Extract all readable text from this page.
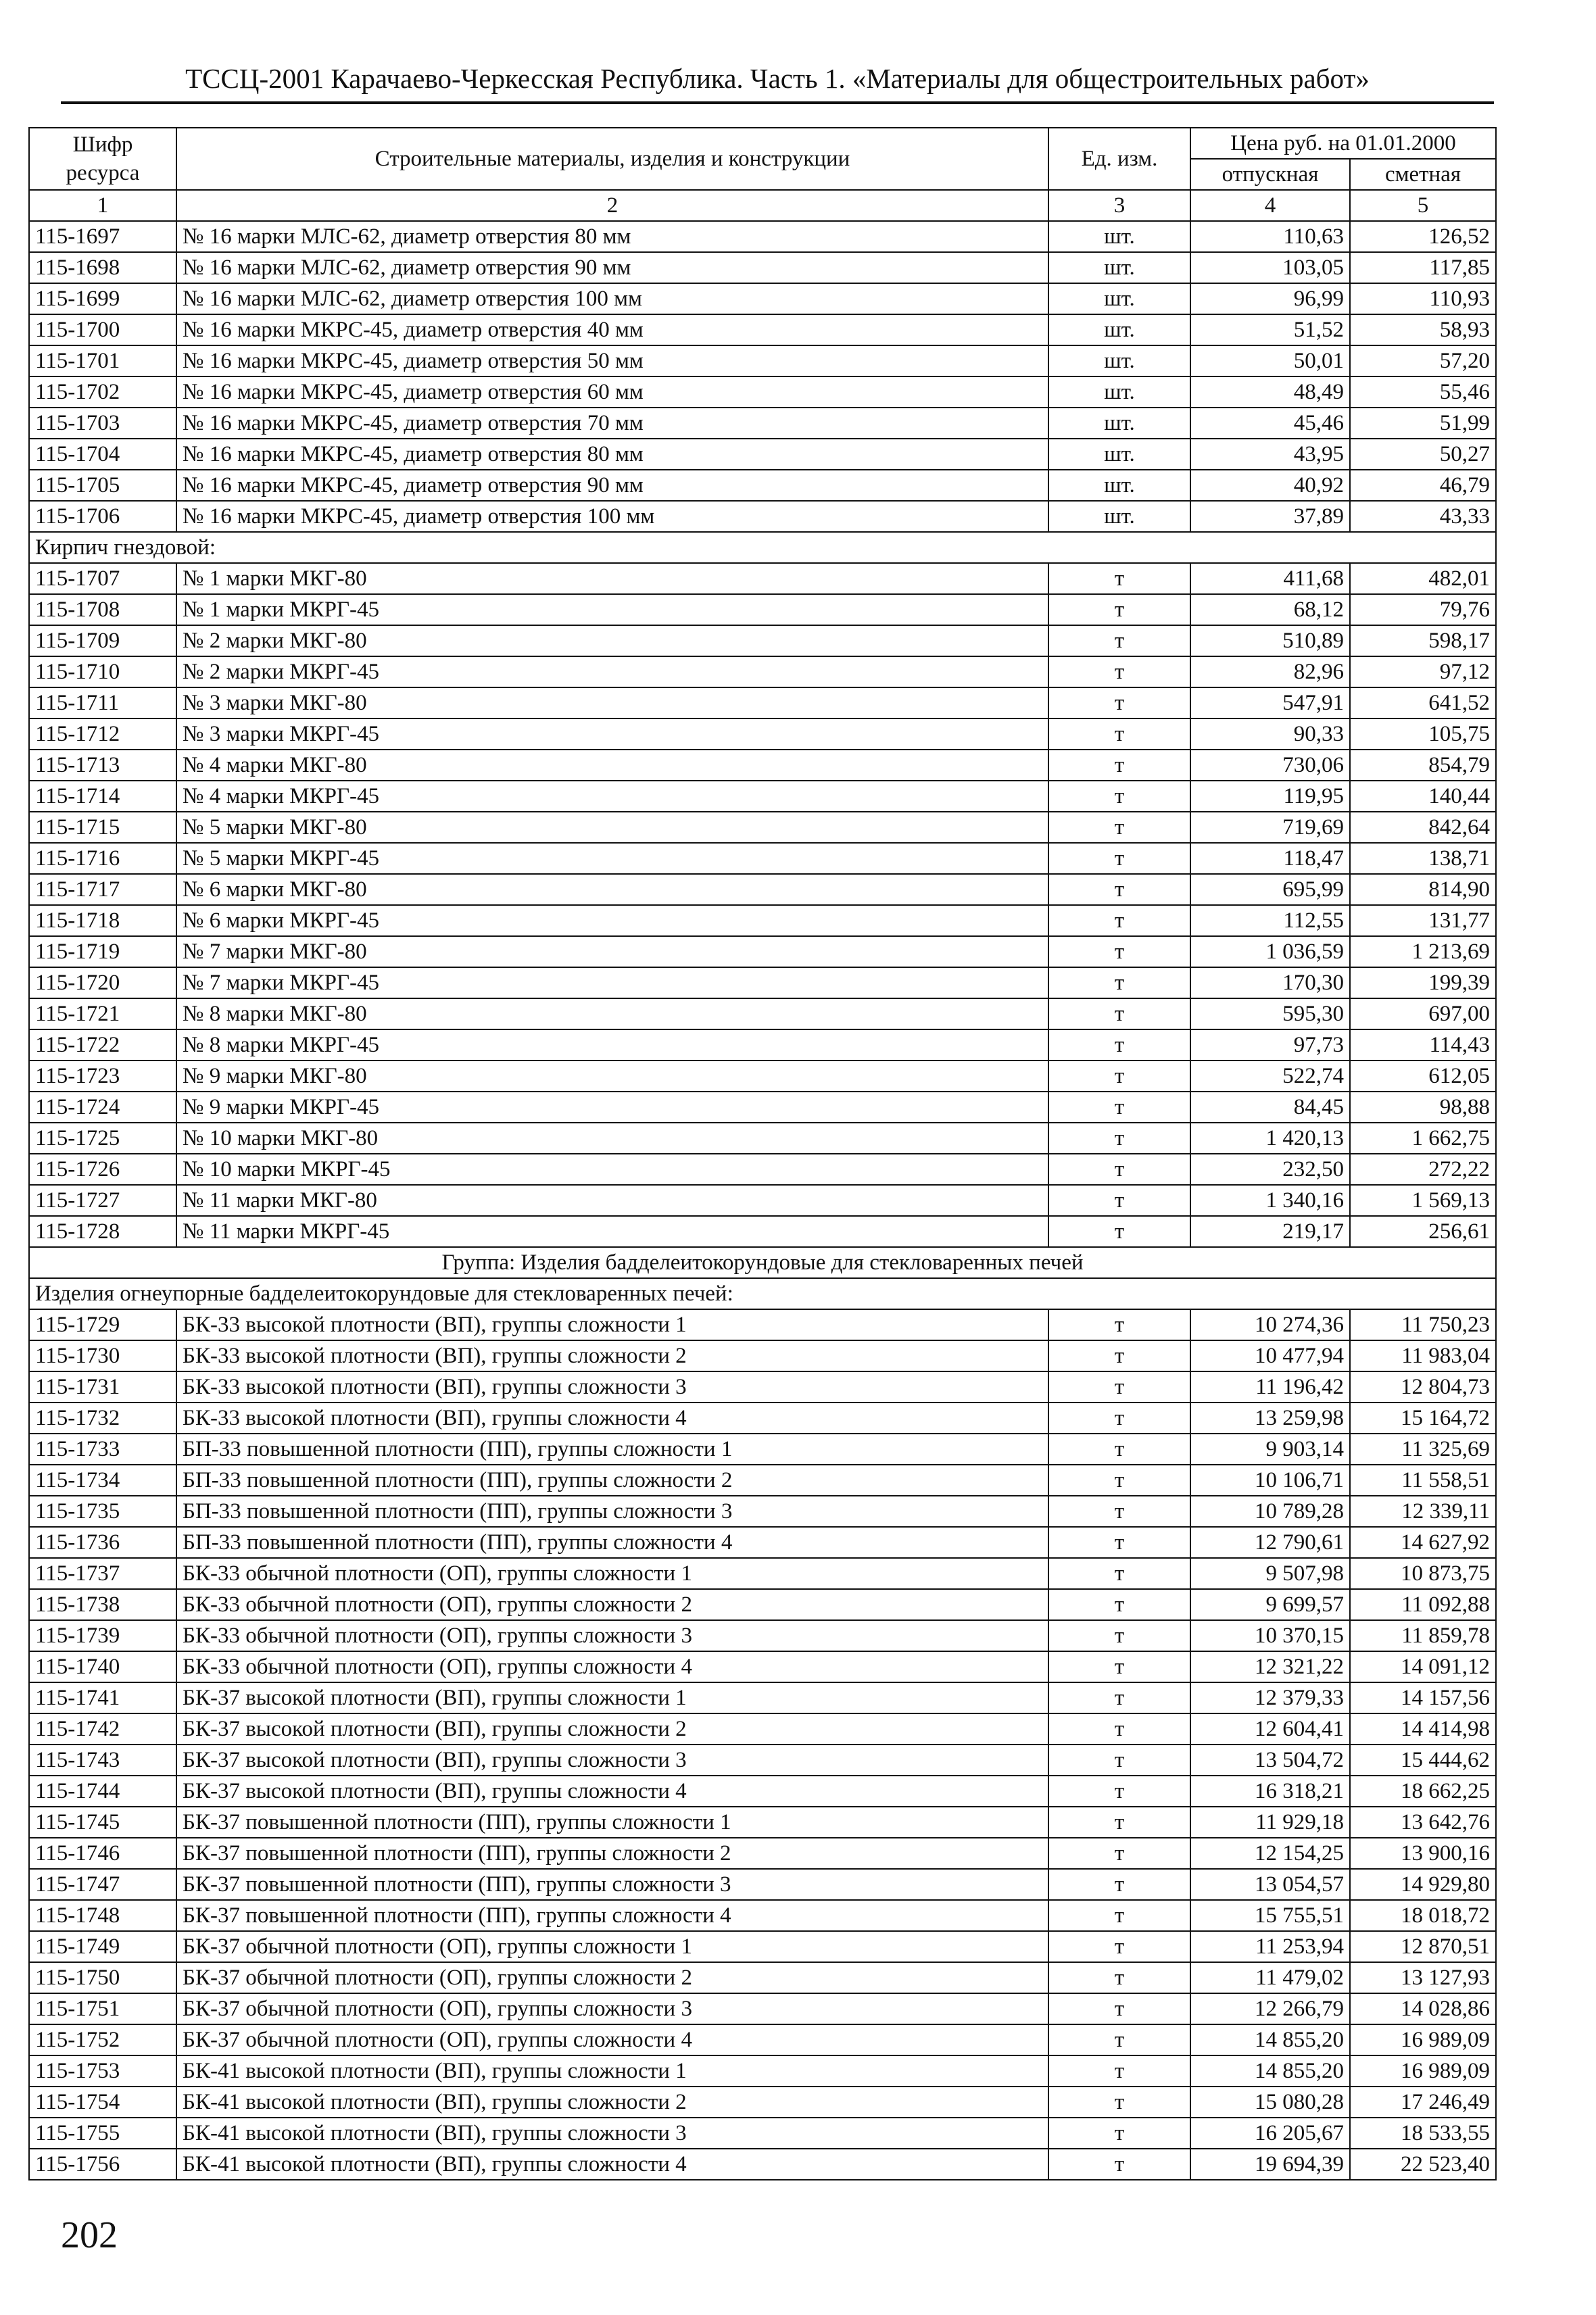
ТССЦ-2001 Карачаево-Черкесская Республика. Часть 1. «Материалы для общестроительных работ»
Шифр ресурса	Строительные материалы, изделия и конструкции	Ед. изм.	Цена руб. на 01.01.2000	
			отпускная	сметная
1	2	3	4	5
115-1697	№ 16 марки МЛС-62, диаметр отверстия 80 мм	шт.	110,63	126,52
115-1698	№ 16 марки МЛС-62, диаметр отверстия 90 мм	шт.	103,05	117,85
115-1699	№ 16 марки МЛС-62, диаметр отверстия 100 мм	шт.	96,99	110,93
115-1700	№ 16 марки МКРС-45, диаметр отверстия 40 мм	шт.	51,52	58,93
115-1701	№ 16 марки МКРС-45, диаметр отверстия 50 мм	шт.	50,01	57,20
115-1702	№ 16 марки МКРС-45, диаметр отверстия 60 мм	шт.	48,49	55,46
115-1703	№ 16 марки МКРС-45, диаметр отверстия 70 мм	шт.	45,46	51,99
115-1704	№ 16 марки МКРС-45, диаметр отверстия 80 мм	шт.	43,95	50,27
115-1705	№ 16 марки МКРС-45, диаметр отверстия 90 мм	шт.	40,92	46,79
115-1706	№ 16 марки МКРС-45, диаметр отверстия 100 мм	шт.	37,89	43,33
Кирпич гнездовой:				
115-1707	№ 1 марки МКГ-80	т	411,68	482,01
115-1708	№ 1 марки МКРГ-45	т	68,12	79,76
115-1709	№ 2 марки МКГ-80	т	510,89	598,17
115-1710	№ 2 марки МКРГ-45	т	82,96	97,12
115-1711	№ 3 марки МКГ-80	т	547,91	641,52
115-1712	№ 3 марки МКРГ-45	т	90,33	105,75
115-1713	№ 4 марки МКГ-80	т	730,06	854,79
115-1714	№ 4 марки МКРГ-45	т	119,95	140,44
115-1715	№ 5 марки МКГ-80	т	719,69	842,64
115-1716	№ 5 марки МКРГ-45	т	118,47	138,71
115-1717	№ 6 марки МКГ-80	т	695,99	814,90
115-1718	№ 6 марки МКРГ-45	т	112,55	131,77
115-1719	№ 7 марки МКГ-80	т	1 036,59	1 213,69
115-1720	№ 7 марки МКРГ-45	т	170,30	199,39
115-1721	№ 8 марки МКГ-80	т	595,30	697,00
115-1722	№ 8 марки МКРГ-45	т	97,73	114,43
115-1723	№ 9 марки МКГ-80	т	522,74	612,05
115-1724	№ 9 марки МКРГ-45	т	84,45	98,88
115-1725	№ 10 марки МКГ-80	т	1 420,13	1 662,75
115-1726	№ 10 марки МКРГ-45	т	232,50	272,22
115-1727	№ 11 марки МКГ-80	т	1 340,16	1 569,13
115-1728	№ 11 марки МКРГ-45	т	219,17	256,61
Группа: Изделия бадделеитокорундовые для стекловаренных печей				
Изделия огнеупорные бадделеитокорундовые для стекловаренных печей:				
115-1729	БК-33 высокой плотности (ВП), группы сложности 1	т	10 274,36	11 750,23
115-1730	БК-33 высокой плотности (ВП), группы сложности 2	т	10 477,94	11 983,04
115-1731	БК-33 высокой плотности (ВП), группы сложности 3	т	11 196,42	12 804,73
115-1732	БК-33 высокой плотности (ВП), группы сложности 4	т	13 259,98	15 164,72
115-1733	БП-33 повышенной плотности (ПП), группы сложности 1	т	9 903,14	11 325,69
115-1734	БП-33 повышенной плотности (ПП), группы сложности 2	т	10 106,71	11 558,51
115-1735	БП-33 повышенной плотности (ПП), группы сложности 3	т	10 789,28	12 339,11
115-1736	БП-33 повышенной плотности (ПП), группы сложности 4	т	12 790,61	14 627,92
115-1737	БК-33 обычной плотности (ОП), группы сложности 1	т	9 507,98	10 873,75
115-1738	БК-33 обычной плотности (ОП), группы сложности 2	т	9 699,57	11 092,88
115-1739	БК-33 обычной плотности (ОП), группы сложности 3	т	10 370,15	11 859,78
115-1740	БК-33 обычной плотности (ОП), группы сложности 4	т	12 321,22	14 091,12
115-1741	БК-37 высокой плотности (ВП), группы сложности 1	т	12 379,33	14 157,56
115-1742	БК-37 высокой плотности (ВП), группы сложности 2	т	12 604,41	14 414,98
115-1743	БК-37 высокой плотности (ВП), группы сложности 3	т	13 504,72	15 444,62
115-1744	БК-37 высокой плотности (ВП), группы сложности 4	т	16 318,21	18 662,25
115-1745	БК-37 повышенной плотности (ПП), группы сложности 1	т	11 929,18	13 642,76
115-1746	БК-37 повышенной плотности (ПП), группы сложности 2	т	12 154,25	13 900,16
115-1747	БК-37 повышенной плотности (ПП), группы сложности 3	т	13 054,57	14 929,80
115-1748	БК-37 повышенной плотности (ПП), группы сложности 4	т	15 755,51	18 018,72
115-1749	БК-37 обычной плотности (ОП), группы сложности 1	т	11 253,94	12 870,51
115-1750	БК-37 обычной плотности (ОП), группы сложности 2	т	11 479,02	13 127,93
115-1751	БК-37 обычной плотности (ОП), группы сложности 3	т	12 266,79	14 028,86
115-1752	БК-37 обычной плотности (ОП), группы сложности 4	т	14 855,20	16 989,09
115-1753	БК-41 высокой плотности (ВП), группы сложности 1	т	14 855,20	16 989,09
115-1754	БК-41 высокой плотности (ВП), группы сложности 2	т	15 080,28	17 246,49
115-1755	БК-41 высокой плотности (ВП), группы сложности 3	т	16 205,67	18 533,55
115-1756	БК-41 высокой плотности (ВП), группы сложности 4	т	19 694,39	22 523,40
202
